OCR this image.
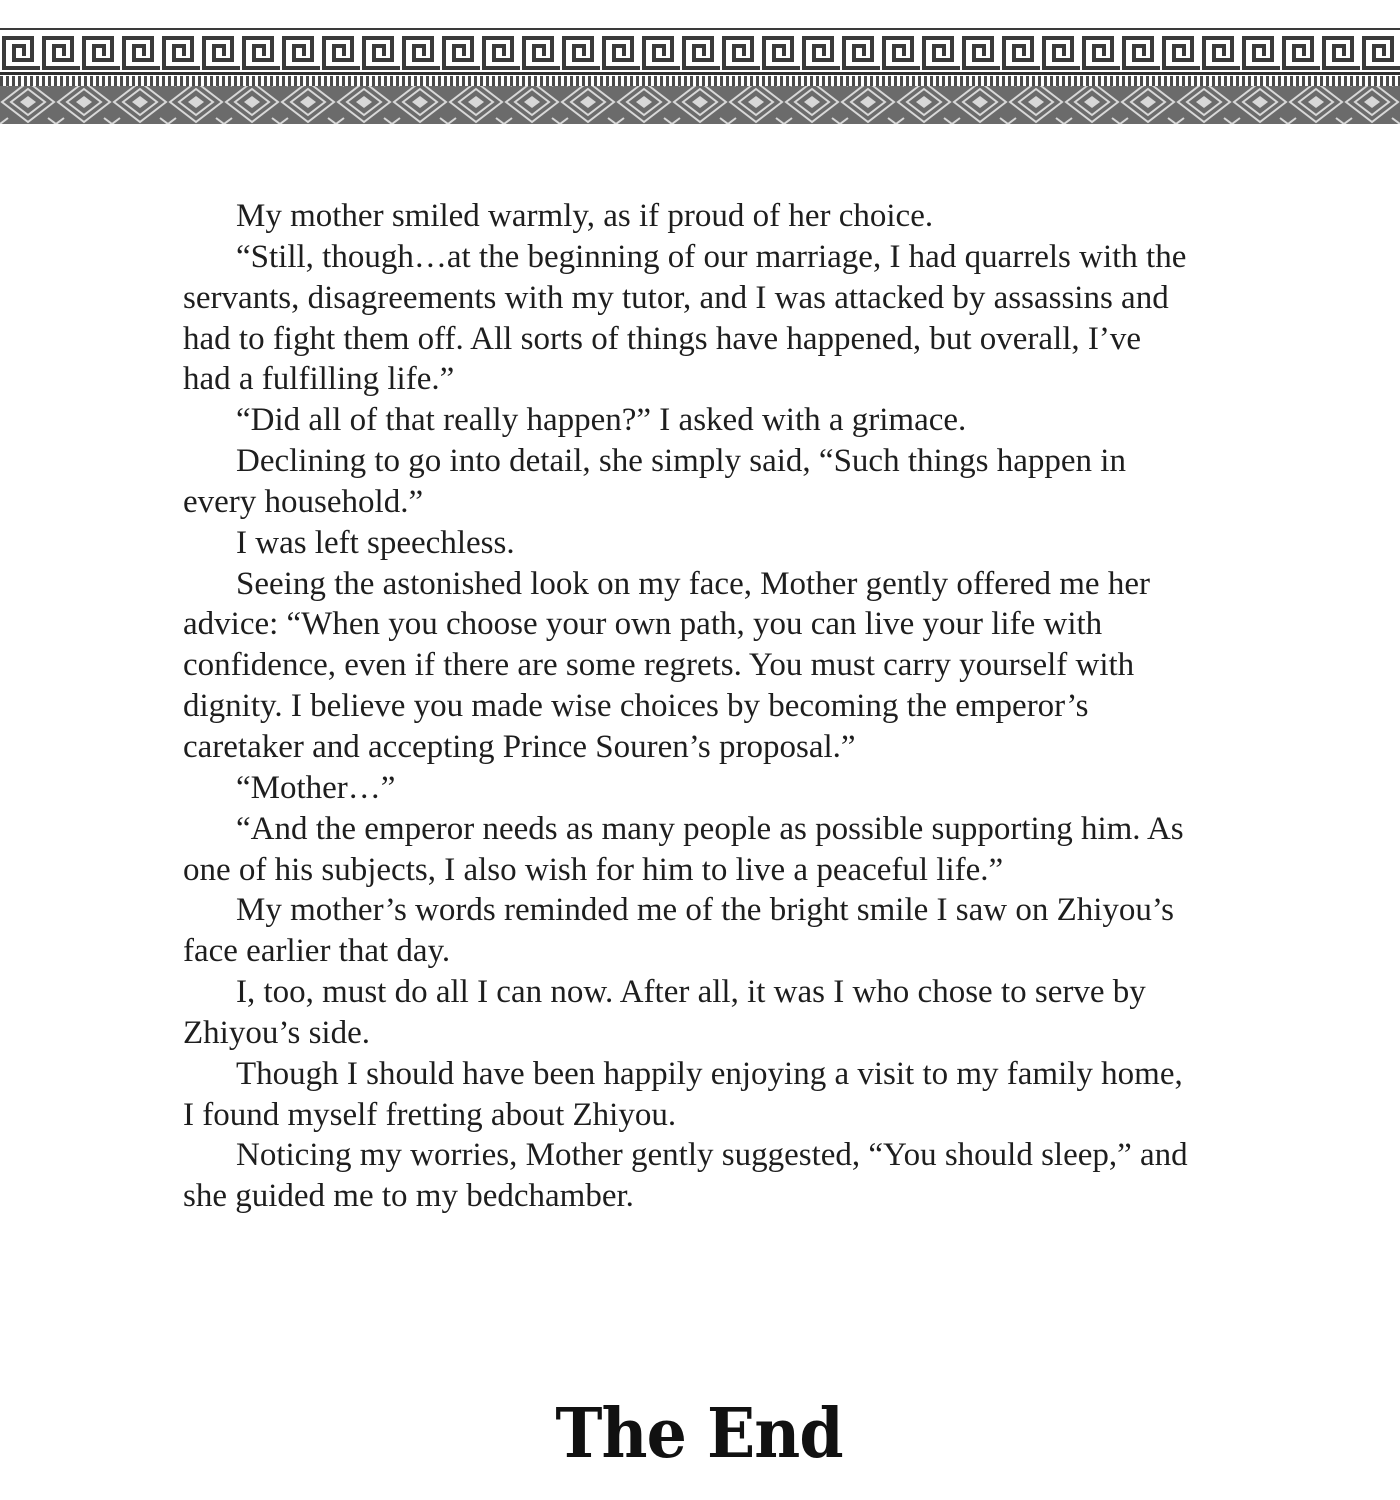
My mother smiled warmly, as if proud of her choice.

“Still, though…at the beginning of our marriage, I had quarrels with the servants, disagreements with my tutor, and I was attacked by assassins and had to fight them off. All sorts of things have happened, but overall, I’ve had a fulfilling life.”

“Did all of that really happen?” I asked with a grimace.

Declining to go into detail, she simply said, “Such things happen in every household.”

I was left speechless.

Seeing the astonished look on my face, Mother gently offered me her advice: “When you choose your own path, you can live your life with confidence, even if there are some regrets. You must carry yourself with dignity. I believe you made wise choices by becoming the emperor’s caretaker and accepting Prince Souren’s proposal.”

“Mother…”

“And the emperor needs as many people as possible supporting him. As one of his subjects, I also wish for him to live a peaceful life.”

My mother’s words reminded me of the bright smile I saw on Zhiyou’s face earlier that day.

I, too, must do all I can now. After all, it was I who chose to serve by Zhiyou’s side.

Though I should have been happily enjoying a visit to my family home, I found myself fretting about Zhiyou.

Noticing my worries, Mother gently suggested, “You should sleep,” and she guided me to my bedchamber.

The End
